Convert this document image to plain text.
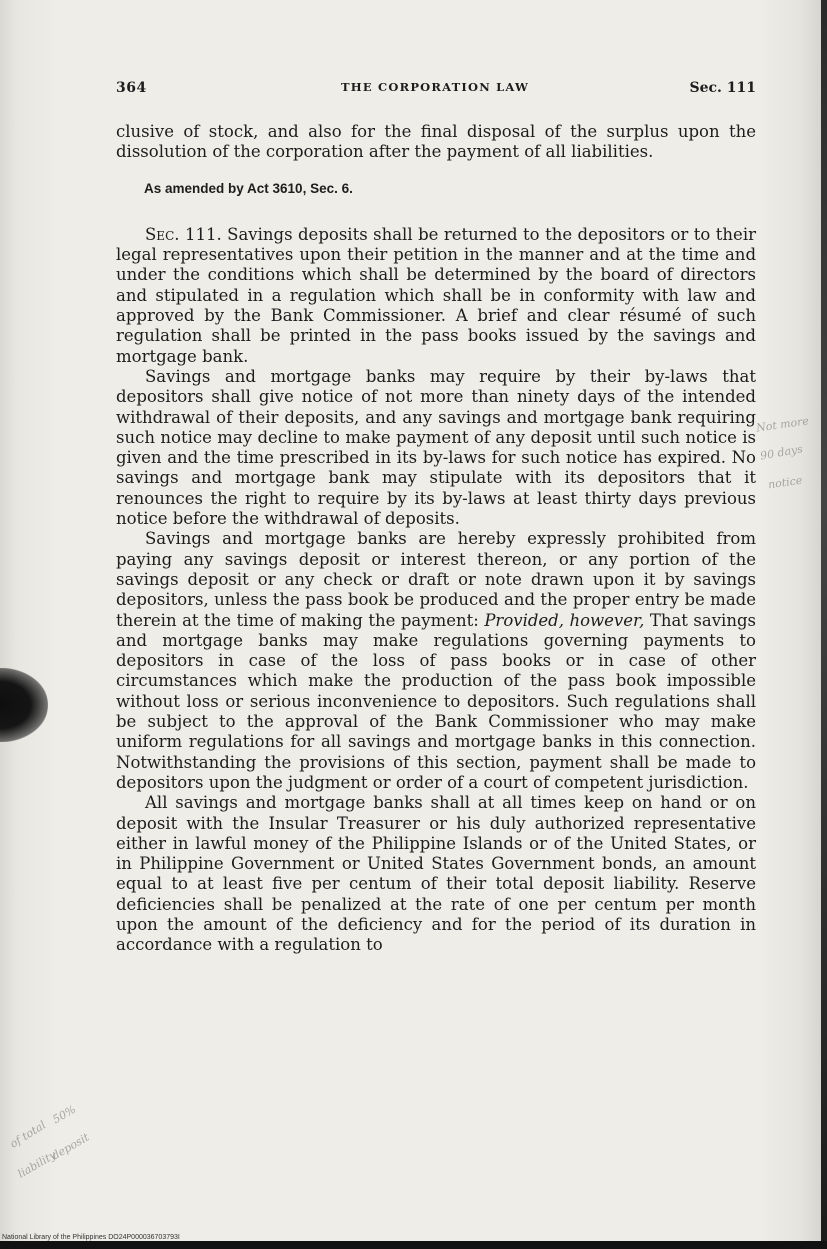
364	THE CORPORATION LAW	Sec. 111

clusive of stock, and also for the final disposal of the surplus upon the dissolution of the corporation after the payment of all liabilities.

As amended by Act 3610, Sec. 6.

Sec. 111. Savings deposits shall be returned to the depositors or to their legal representatives upon their petition in the manner and at the time and under the conditions which shall be determined by the board of directors and stipulated in a regulation which shall be in conformity with law and approved by the Bank Commissioner. A brief and clear résumé of such regulation shall be printed in the pass books issued by the savings and mortgage bank.

Savings and mortgage banks may require by their by-laws that depositors shall give notice of not more than ninety days of the intended withdrawal of their deposits, and any savings and mortgage bank requiring such notice may decline to make payment of any deposit until such notice is given and the time prescribed in its by-laws for such notice has expired. No savings and mortgage bank may stipulate with its depositors that it renounces the right to require by its by-laws at least thirty days previous notice before the withdrawal of deposits.

Savings and mortgage banks are hereby expressly prohibited from paying any savings deposit or interest thereon, or any portion of the savings deposit or any check or draft or note drawn upon it by savings depositors, unless the pass book be produced and the proper entry be made therein at the time of making the payment: Provided, however, That savings and mortgage banks may make regulations governing payments to depositors in case of the loss of pass books or in case of other circumstances which make the production of the pass book impossible without loss or serious inconvenience to depositors. Such regulations shall be subject to the approval of the Bank Commissioner who may make uniform regulations for all savings and mortgage banks in this connection. Notwithstanding the provisions of this section, payment shall be made to depositors upon the judgment or order of a court of competent jurisdiction.

All savings and mortgage banks shall at all times keep on hand or on deposit with the Insular Treasurer or his duly authorized representative either in lawful money of the Philippine Islands or of the United States, or in Philippine Government or United States Government bonds, an amount equal to at least five per centum of their total deposit liability. Reserve deficiencies shall be penalized at the rate of one per centum per month upon the amount of the deficiency and for the period of its duration in accordance with a regulation to

Not more
90 days
notice
50%
of total deposit
liability
National Library of the Philippines DO24P000036703793I
